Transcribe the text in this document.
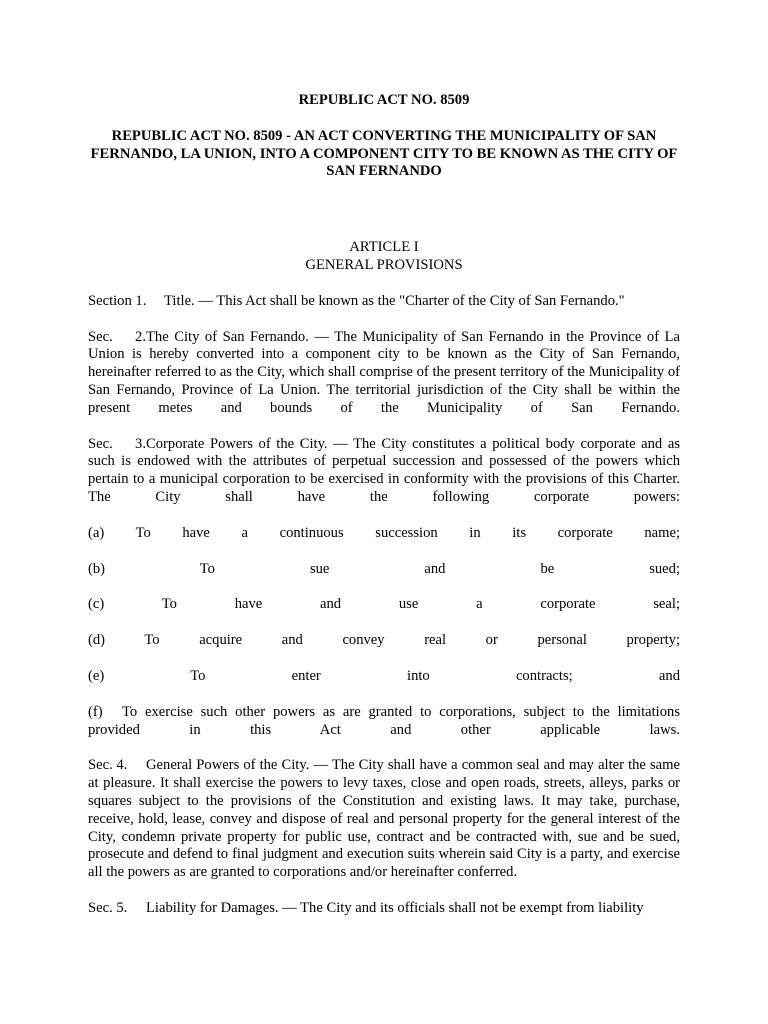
REPUBLIC ACT NO. 8509
REPUBLIC ACT NO. 8509 - AN ACT CONVERTING THE MUNICIPALITY OF SAN FERNANDO, LA UNION, INTO A COMPONENT CITY TO BE KNOWN AS THE CITY OF SAN FERNANDO
ARTICLE I
GENERAL PROVISIONS

Section 1. Title. — This Act shall be known as the "Charter of the City of San Fernando."

Sec. 2.The City of San Fernando. — The Municipality of San Fernando in the Province of La Union is hereby converted into a component city to be known as the City of San Fernando, hereinafter referred to as the City, which shall comprise of the present territory of the Municipality of San Fernando, Province of La Union. The territorial jurisdiction of the City shall be within the present metes and bounds of the Municipality of San Fernando.

Sec. 3.Corporate Powers of the City. — The City constitutes a political body corporate and as such is endowed with the attributes of perpetual succession and possessed of the powers which pertain to a municipal corporation to be exercised in conformity with the provisions of this Charter. The City shall have the following corporate powers:

(a) To have a continuous succession in its corporate name;
(b)	To sue and be sued;
(c)	To have and use a corporate seal;
(d)	To acquire and convey real or personal property;
(e)	To enter into contracts; and
(f) To exercise such other powers as are granted to corporations, subject to the limitations provided in this Act and other applicable laws.

Sec. 4. General Powers of the City. — The City shall have a common seal and may alter the same at pleasure. It shall exercise the powers to levy taxes, close and open roads, streets, alleys, parks or squares subject to the provisions of the Constitution and existing laws. It may take, purchase, receive, hold, lease, convey and dispose of real and personal property for the general interest of the City, condemn private property for public use, contract and be contracted with, sue and be sued, prosecute and defend to final judgment and execution suits wherein said City is a party, and exercise all the powers as are granted to corporations and/or hereinafter conferred.

Sec. 5. Liability for Damages. — The City and its officials shall not be exempt from liability
